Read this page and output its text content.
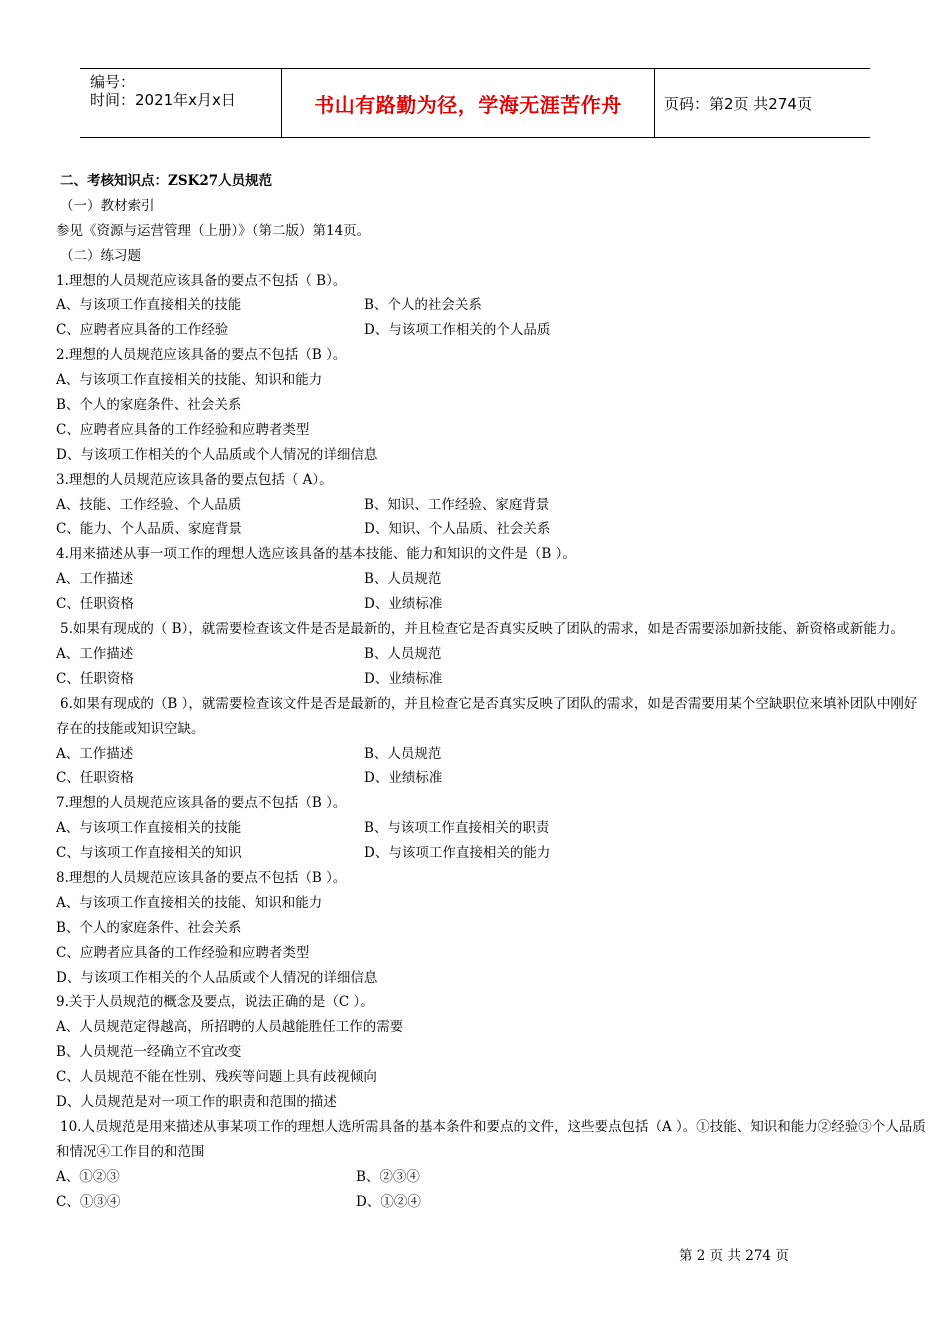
编号：
时间：2021年x月x日	书山有路勤为径，学海无涯苦作舟	页码：第2页 共274页
二、考核知识点：ZSK27人员规范
（一）教材索引
参见《资源与运营管理（上册）》（第二版）第14页。
（二）练习题
1.理想的人员规范应该具备的要点不包括（ B）。
A、与该项工作直接相关的技能	B、个人的社会关系
C、应聘者应具备的工作经验	D、与该项工作相关的个人品质
2.理想的人员规范应该具备的要点不包括（B ）。
A、与该项工作直接相关的技能、知识和能力
B、个人的家庭条件、社会关系
C、应聘者应具备的工作经验和应聘者类型
D、与该项工作相关的个人品质或个人情况的详细信息
3.理想的人员规范应该具备的要点包括（ A）。
A、技能、工作经验、个人品质	B、知识、工作经验、家庭背景
C、能力、个人品质、家庭背景	D、知识、个人品质、社会关系
4.用来描述从事一项工作的理想人选应该具备的基本技能、能力和知识的文件是（B ）。
A、工作描述	B、人员规范
C、任职资格	D、业绩标准
5.如果有现成的（ B），就需要检查该文件是否是最新的，并且检查它是否真实反映了团队的需求，如是否需要添加新技能、新资格或新能力。
A、工作描述	B、人员规范
C、任职资格	D、业绩标准
6.如果有现成的（B ），就需要检查该文件是否是最新的，并且检查它是否真实反映了团队的需求，如是否需要用某个空缺职位来填补团队中刚好存在的技能或知识空缺。
A、工作描述	B、人员规范
C、任职资格	D、业绩标准
7.理想的人员规范应该具备的要点不包括（B ）。
A、与该项工作直接相关的技能	B、与该项工作直接相关的职责
C、与该项工作直接相关的知识	D、与该项工作直接相关的能力
8.理想的人员规范应该具备的要点不包括（B ）。
A、与该项工作直接相关的技能、知识和能力
B、个人的家庭条件、社会关系
C、应聘者应具备的工作经验和应聘者类型
D、与该项工作相关的个人品质或个人情况的详细信息
9.关于人员规范的概念及要点，说法正确的是（C ）。
A、人员规范定得越高，所招聘的人员越能胜任工作的需要
B、人员规范一经确立不宜改变
C、人员规范不能在性别、残疾等问题上具有歧视倾向
D、人员规范是对一项工作的职责和范围的描述
10.人员规范是用来描述从事某项工作的理想人选所需具备的基本条件和要点的文件，这些要点包括（A ）。①技能、知识和能力②经验③个人品质和情况④工作目的和范围
A、①②③	B、②③④
C、①③④	D、①②④
第 2 页 共 274 页
